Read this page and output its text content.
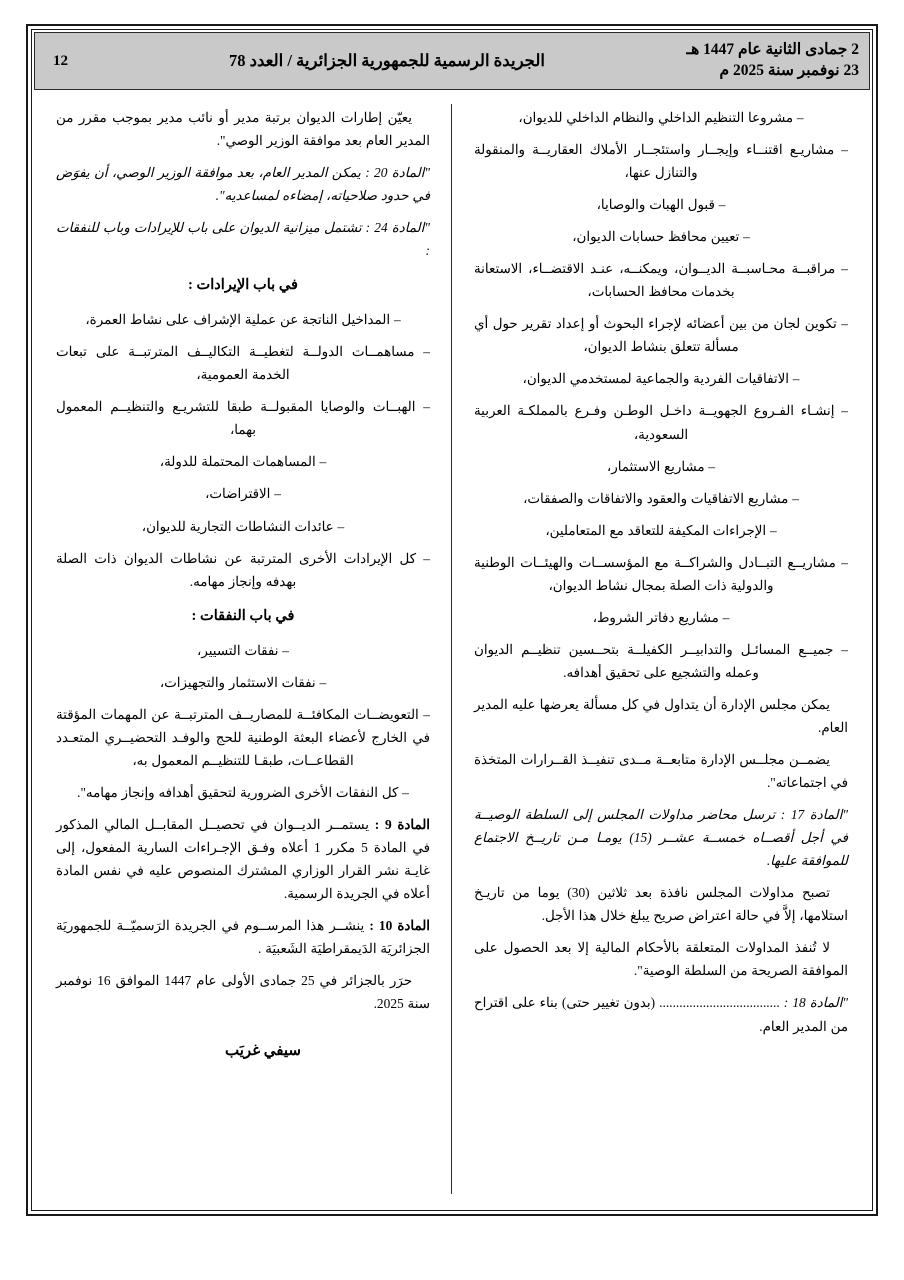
2 جمادى الثانية عام 1447 هـ
23 نوفمبر سنة 2025 م
الجريدة الرسمية للجمهورية الجزائرية / العدد 78
12

– مشروعا التنظيم الداخلي والنظام الداخلي للديوان،

– مشاريـع اقتنــاء وإيجــار واستئجــار الأملاك العقاريــة والمنقولة والتنازل عنها،

– قبول الهبات والوصايا،

– تعيين محافظ حسابات الديوان،

– مراقبــة محـاسبــة الديــوان، ويمكنــه، عنـد الاقتضــاء، الاستعانة بخدمات محافظ الحسابات،

– تكوين لجان من بين أعضائه لإجراء البحوث أو إعداد تقرير حول أي مسألة تتعلق بنشاط الديوان،

– الاتفاقيات الفردية والجماعية لمستخدمي الديوان،

– إنشـاء الفـروع الجهويــة داخـل الوطـن وفـرع بالمملكـة العربية السعودية،

– مشاريع الاستثمار،

– مشاريع الاتفاقيات والعقود والاتفاقات والصفقات،

– الإجراءات المكيفة للتعاقد مع المتعاملين،

– مشاريــع التبــادل والشراكــة مع المؤسســات والهيئــات الوطنية والدولية ذات الصلة بمجال نشاط الديوان،

– مشاريع دفاتر الشروط،

– جميــع المسائـل والتدابيــر الكفيلــة بتحــسين تنظيــم الديوان وعمله والتشجيع على تحقيق أهدافه.

يمكن مجلس الإدارة أن يتداول في كل مسألة يعرضها عليه المدير العام.

يضمــن مجلــس الإدارة متابعــة مــدى تنفيــذ القــرارات المتخذة في اجتماعاته".

"المادة 17 : ترسل محاضر مداولات المجلس إلى السلطة الوصيــة في أجل أقصــاه خمســة عشــر (15) يومـا مـن تاريــخ الاجتماع للموافقة عليها.

تصبح مداولات المجلس نافذة بعد ثلاثين (30) يوما من تاريـخ استلامها، إلاَّ في حالة اعتراض صريح يبلغ خلال هذا الأجل.

لا تُنفذ المداولات المتعلقة بالأحكام المالية إلا بعد الحصول على الموافقة الصريحة من السلطة الوصية".

"المادة 18 : .................................... (بدون تغيير حتى) بناء على اقتراح من المدير العام.

يعيّن إطارات الديوان برتبة مدير أو نائب مدير بموجب مقرر من المدير العام بعد موافقة الوزير الوصي".

"المادة 20 : يمكن المدير العام، بعد موافقة الوزير الوصي، أن يفوَض في حدود صلاحياته، إمضاءه لمساعديه".

"المادة 24 : تشتمل ميزانية الديوان على باب للإيرادات وباب للنفقات :

في باب الإيرادات :

– المداخيل الناتجة عن عملية الإشراف على نشاط العمرة،

– مساهمــات الدولــة لتغطيــة التكاليــف المترتبــة على تبعات الخدمة العمومية،

– الهبــات والوصايا المقبولــة طبقا للتشريـع والتنظيــم المعمول بهما،

– المساهمات المحتملة للدولة،

– الاقتراضات،

– عائدات النشاطات التجارية للديوان،

– كل الإيرادات الأخرى المترتبة عن نشاطات الديوان ذات الصلة بهدفه وإنجاز مهامه.

في باب النفقات :

– نفقات التسيير،

– نفقات الاستثمار والتجهيزات،

– التعويضــات المكافئــة للمصاريــف المترتبــة عن المهمات المؤقتة في الخارج لأعضاء البعثة الوطنية للحج والوفـد التحضيــري المتعـدد القطاعــات، طبقـا للتنظيــم المعمول به،

– كل النفقات الأخرى الضرورية لتحقيق أهدافه وإنجاز مهامه".

المادة 9 : يستمــر الديــوان في تحصيــل المقابــل المالي المذكور في المادة 5 مكرر 1 أعلاه وفـق الإجـراءات السارية المفعول، إلى غايـة نشر القرار الوزاري المشترك المنصوص عليه في نفس المادة أعلاه في الجريدة الرسمية.

المادة 10 : ينشــر هذا المرســوم في الجريدة الرَسميّــة للجمهوريَة الجزائريَة الدَيمقراطيَة الشَعبيَة .

حرَر بالجزائر في 25 جمادى الأولى عام 1447 الموافق 16 نوفمبر سنة 2025.

سيفي غريَب
